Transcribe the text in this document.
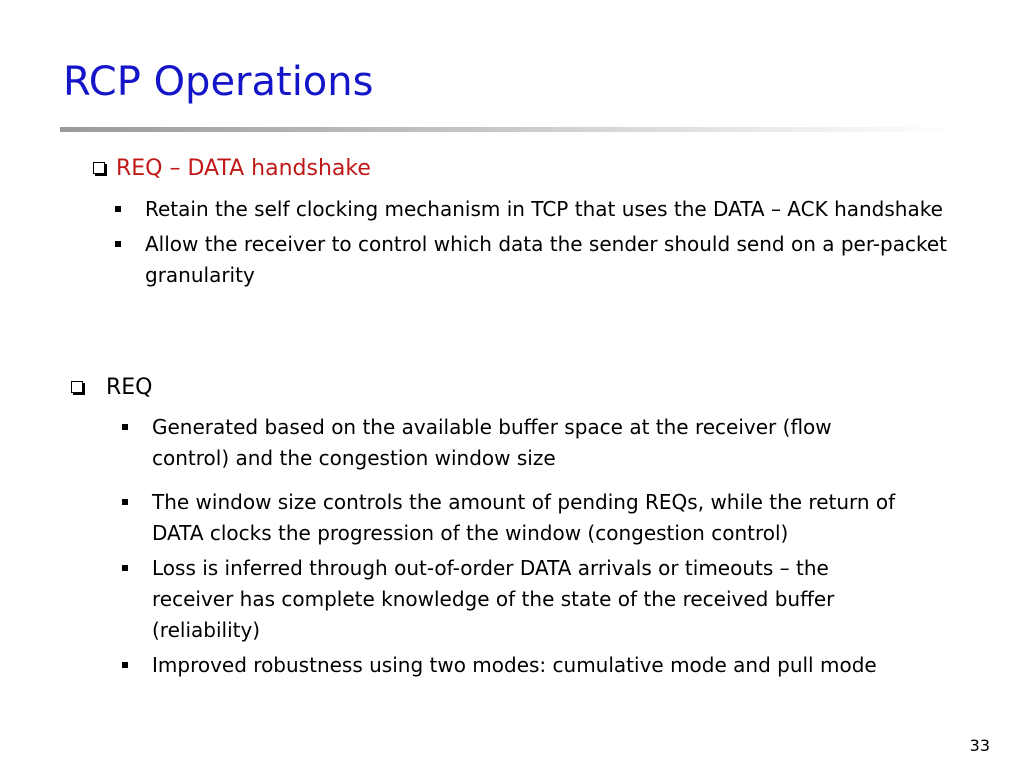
RCP Operations
REQ – DATA handshake
Retain the self clocking mechanism in TCP that uses the DATA – ACK handshake
Allow the receiver to control which data the sender should send on a per-packet granularity
REQ
Generated based on the available buffer space at the receiver (flow control) and the congestion window size
The window size controls the amount of pending REQs, while the return of DATA clocks the progression of the window (congestion control)
Loss is inferred through out-of-order DATA arrivals or timeouts – the receiver has complete knowledge of the state of the received buffer (reliability)
Improved robustness using two modes: cumulative mode and pull mode
33
